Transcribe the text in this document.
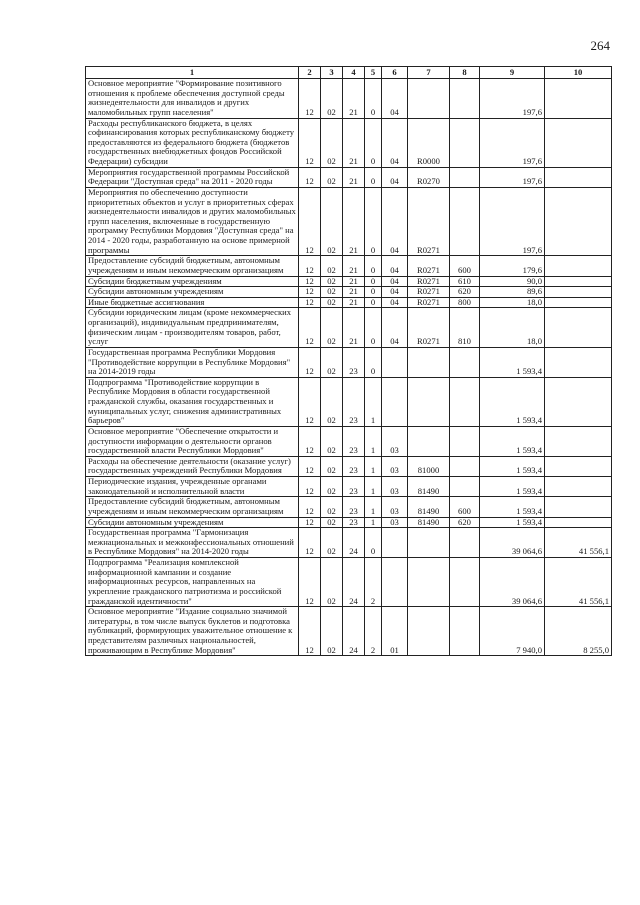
264
1	2	3	4	5	6	7	8	9	10
Основное мероприятие "Формирование позитивного отношения к проблеме обеспечения доступной среды жизнедеятельности для инвалидов и других маломобильных групп населения"	12	02	21	0	04			197,6	
Расходы республиканского бюджета, в целях софинансирования которых республиканскому бюджету предоставляются из федерального бюджета (бюджетов государственных внебюджетных фондов Российской Федерации) субсидии	12	02	21	0	04	R0000		197,6	
Мероприятия государственной программы Российской Федерации "Доступная среда" на 2011 - 2020 годы	12	02	21	0	04	R0270		197,6	
Мероприятия по обеспечению доступности приоритетных объектов и услуг в приоритетных сферах жизнедеятельности инвалидов и других маломобильных групп населения, включенные в государственную программу Республики Мордовия "Доступная среда" на 2014 - 2020 годы, разработанную на основе примерной программы	12	02	21	0	04	R0271		197,6	
Предоставление субсидий бюджетным, автономным учреждениям и иным некоммерческим организациям	12	02	21	0	04	R0271	600	179,6	
Субсидии бюджетным учреждениям	12	02	21	0	04	R0271	610	90,0	
Субсидии автономным учреждениям	12	02	21	0	04	R0271	620	89,6	
Иные бюджетные ассигнования	12	02	21	0	04	R0271	800	18,0	
Субсидии юридическим лицам (кроме некоммерческих организаций), индивидуальным предпринимателям, физическим лицам - производителям товаров, работ, услуг	12	02	21	0	04	R0271	810	18,0	
Государственная программа Республики Мордовия "Противодействие коррупции в Республике Мордовия" на 2014-2019 годы	12	02	23	0				1 593,4	
Подпрограмма "Противодействие коррупции в Республике Мордовия в области государственной гражданской службы, оказания государственных и муниципальных услуг, снижения административных барьеров"	12	02	23	1				1 593,4	
Основное мероприятие "Обеспечение открытости и доступности информации о деятельности органов государственной власти Республики Мордовия"	12	02	23	1	03			1 593,4	
Расходы на обеспечение деятельности (оказание услуг) государственных учреждений Республики Мордовия	12	02	23	1	03	81000		1 593,4	
Периодические издания, учрежденные органами законодательной и исполнительной власти	12	02	23	1	03	81490		1 593,4	
Предоставление субсидий бюджетным, автономным учреждениям и иным некоммерческим организациям	12	02	23	1	03	81490	600	1 593,4	
Субсидии автономным учреждениям	12	02	23	1	03	81490	620	1 593,4	
Государственная программа "Гармонизация межнациональных и межконфессиональных отношений в Республике Мордовия" на 2014-2020 годы	12	02	24	0				39 064,6	41 556,1
Подпрограмма "Реализация комплексной информационной кампании и создание информационных ресурсов, направленных на укрепление гражданского патриотизма и российской гражданской идентичности"	12	02	24	2				39 064,6	41 556,1
Основное мероприятие "Издание социально значимой литературы, в том числе выпуск буклетов и подготовка публикаций, формирующих уважительное отношение к представителям различных национальностей, проживающим в Республике Мордовия"	12	02	24	2	01			7 940,0	8 255,0
